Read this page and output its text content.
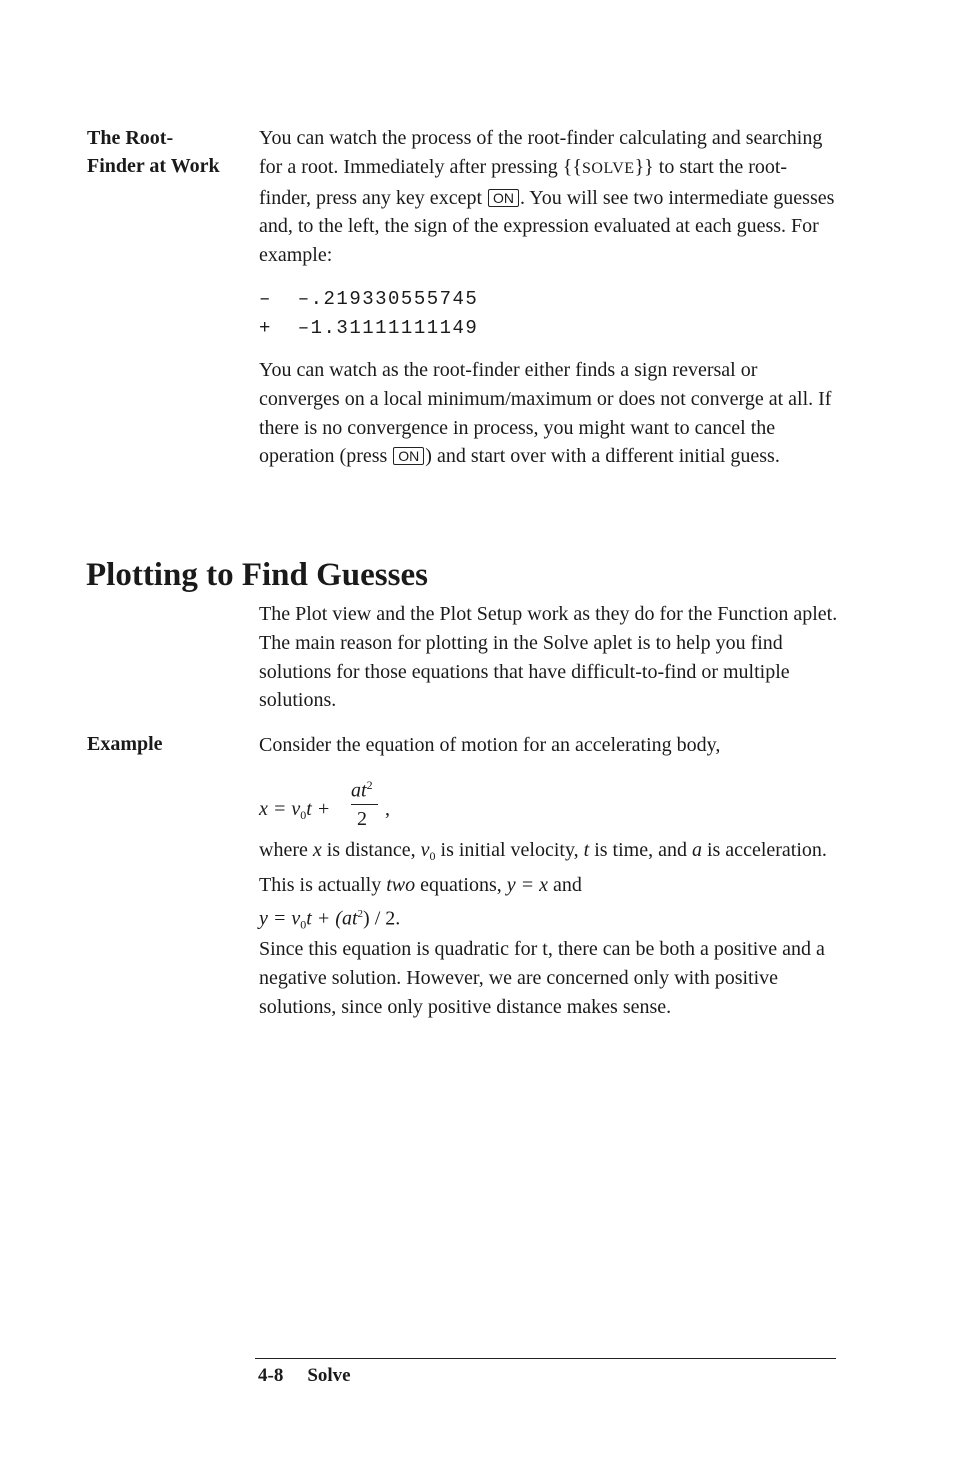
The Root-
Finder at Work

You can watch the process of the root-finder calculating and searching for a root. Immediately after pressing {{SOLVE}} to start the root-finder, press any key except ON . You will see two intermediate guesses and, to the left, the sign of the expression evaluated at each guess. For example:

–  –.219330555745
+  –1.31111111149

You can watch as the root-finder either finds a sign reversal or converges on a local minimum/maximum or does not converge at all. If there is no convergence in process, you might want to cancel the operation (press ON ) and start over with a different initial guess.

Plotting to Find Guesses
The Plot view and the Plot Setup work as they do for the Function aplet. The main reason for plotting in the Solve aplet is to help you find solutions for those equations that have difficult-to-find or multiple solutions.
Example	Consider the equation of motion for an accelerating body,
$x = v_0t$ +
$at^2$
2 ,

where x is distance, $v_0$ is initial velocity, t is time, and a is acceleration. This is actually two equations, y = x and
$y = v_0t + (at^2) / 2$.

Since this equation is quadratic for t, there can be both a positive and a negative solution. However, we are concerned only with positive solutions, since only positive distance makes sense.
4-8 Solve
